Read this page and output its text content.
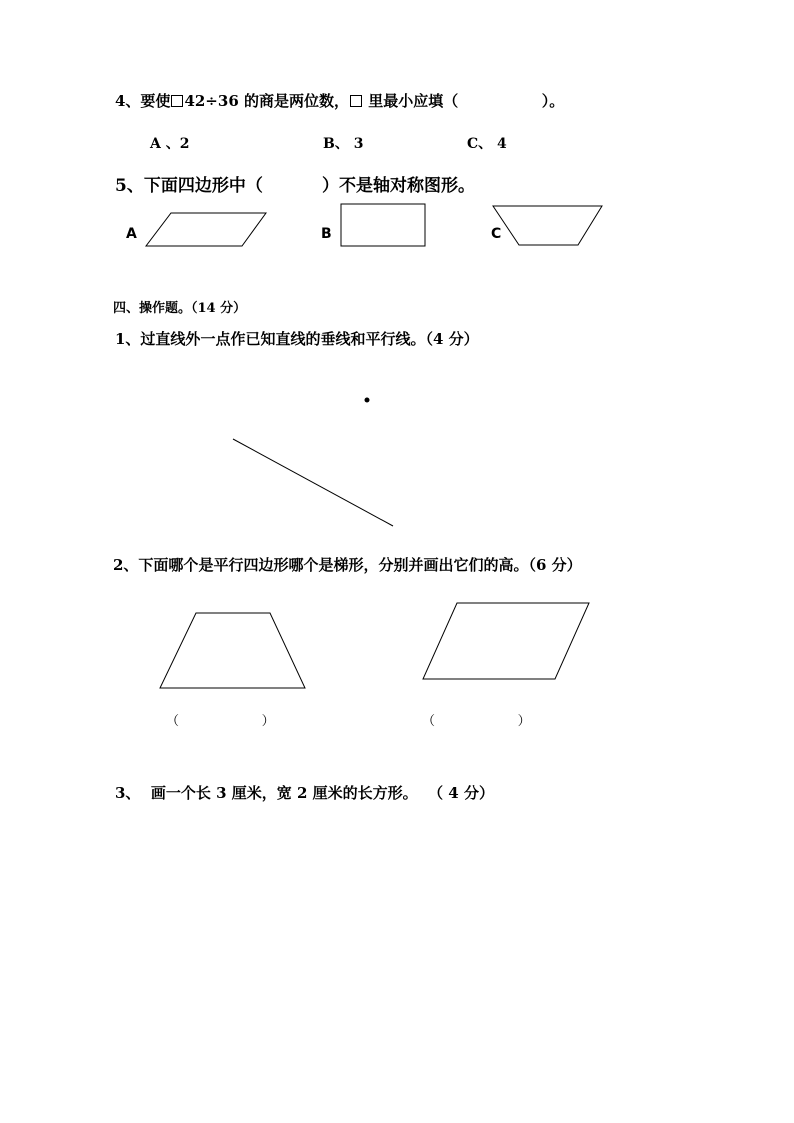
4、要使 42÷36 的商是两位数， 里最小应填（                ）。
A 、2	B、 3	C、 4
5、下面四边形中（          ）不是轴对称图形。
A	B	C
四、操作题。（14 分）
1、过直线外一点作已知直线的垂线和平行线。（4 分）
2、下面哪个是平行四边形哪个是梯形，分别并画出它们的高。（6 分）
（                    ）	（                    ）
3、  画一个长 3 厘米，宽 2 厘米的长方形。  （ 4 分）
